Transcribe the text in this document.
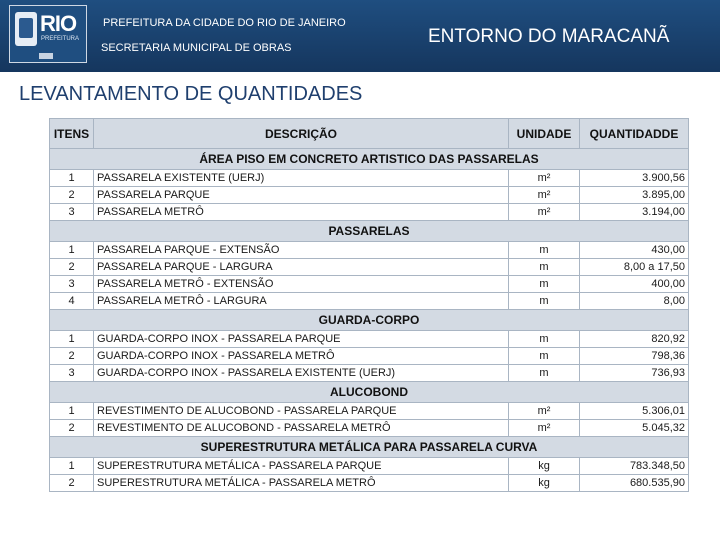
RIO
PREFEITURA
PREFEITURA DA CIDADE DO RIO DE JANEIRO
SECRETARIA MUNICIPAL DE OBRAS
ENTORNO DO MARACANÃ
LEVANTAMENTO DE QUANTIDADES
ITENS	DESCRIÇÃO	UNIDADE	QUANTIDADDE
ÁREA PISO EM CONCRETO ARTISTICO DAS PASSARELAS			
1	PASSARELA EXISTENTE (UERJ)	m²	3.900,56
2	PASSARELA PARQUE	m²	3.895,00
3	PASSARELA METRÔ	m²	3.194,00
PASSARELAS			
1	PASSARELA PARQUE - EXTENSÃO	m	430,00
2	PASSARELA PARQUE - LARGURA	m	8,00 a 17,50
3	PASSARELA METRÔ - EXTENSÃO	m	400,00
4	PASSARELA METRÔ - LARGURA	m	8,00
GUARDA-CORPO			
1	GUARDA-CORPO INOX - PASSARELA PARQUE	m	820,92
2	GUARDA-CORPO INOX - PASSARELA METRÔ	m	798,36
3	GUARDA-CORPO INOX - PASSARELA EXISTENTE (UERJ)	m	736,93
ALUCOBOND			
1	REVESTIMENTO DE ALUCOBOND - PASSARELA PARQUE	m²	5.306,01
2	REVESTIMENTO DE ALUCOBOND - PASSARELA METRÔ	m²	5.045,32
SUPERESTRUTURA METÁLICA PARA PASSARELA CURVA			
1	SUPERESTRUTURA METÁLICA - PASSARELA PARQUE	kg	783.348,50
2	SUPERESTRUTURA METÁLICA - PASSARELA METRÔ	kg	680.535,90
